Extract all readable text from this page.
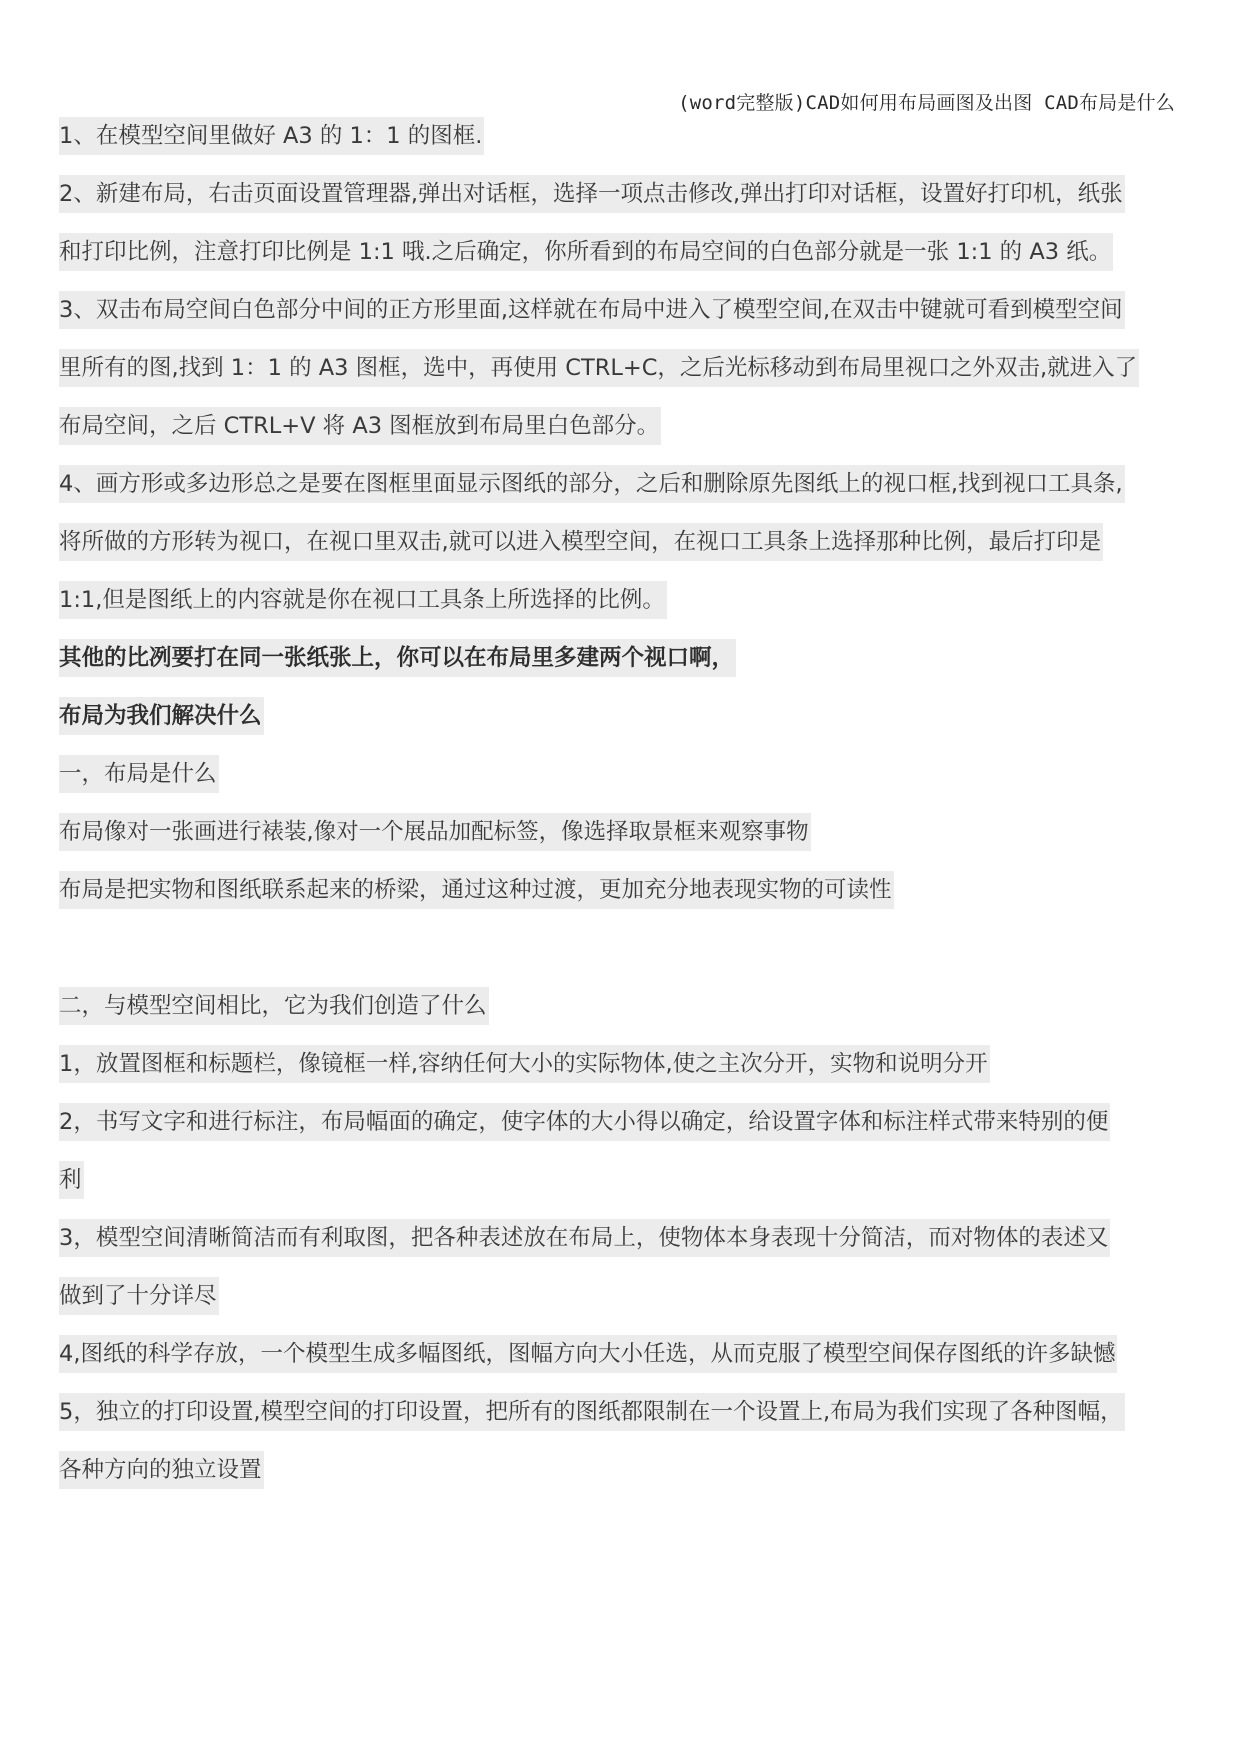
(word完整版)CAD如何用布局画图及出图 CAD布局是什么
1、在模型空间里做好 A3 的 1：1 的图框.
2、新建布局，右击页面设置管理器,弹出对话框，选择一项点击修改,弹出打印对话框，设置好打印机，纸张
和打印比例，注意打印比例是 1:1 哦.之后确定，你所看到的布局空间的白色部分就是一张 1:1 的 A3 纸。
3、双击布局空间白色部分中间的正方形里面,这样就在布局中进入了模型空间,在双击中键就可看到模型空间
里所有的图,找到 1：1 的 A3 图框，选中，再使用 CTRL+C，之后光标移动到布局里视口之外双击,就进入了
布局空间，之后 CTRL+V 将 A3 图框放到布局里白色部分。
4、画方形或多边形总之是要在图框里面显示图纸的部分，之后和删除原先图纸上的视口框,找到视口工具条,
将所做的方形转为视口，在视口里双击,就可以进入模型空间，在视口工具条上选择那种比例，最后打印是
1:1,但是图纸上的内容就是你在视口工具条上所选择的比例。
其他的比冽要打在同一张纸张上，你可以在布局里多建两个视口啊，
布局为我们解决什么
一，布局是什么
布局像对一张画进行裱装,像对一个展品加配标签，像选择取景框来观察事物
布局是把实物和图纸联系起来的桥梁，通过这种过渡，更加充分地表现实物的可读性
二，与模型空间相比，它为我们创造了什么
1，放置图框和标题栏，像镜框一样,容纳任何大小的实际物体,使之主次分开，实物和说明分开
2，书写文字和进行标注，布局幅面的确定，使字体的大小得以确定，给设置字体和标注样式带来特别的便
利
3，模型空间清晰简洁而有利取图，把各种表述放在布局上，使物体本身表现十分简洁，而对物体的表述又
做到了十分详尽
4,图纸的科学存放，一个模型生成多幅图纸，图幅方向大小任选，从而克服了模型空间保存图纸的许多缺憾
5，独立的打印设置,模型空间的打印设置，把所有的图纸都限制在一个设置上,布局为我们实现了各种图幅，
各种方向的独立设置
